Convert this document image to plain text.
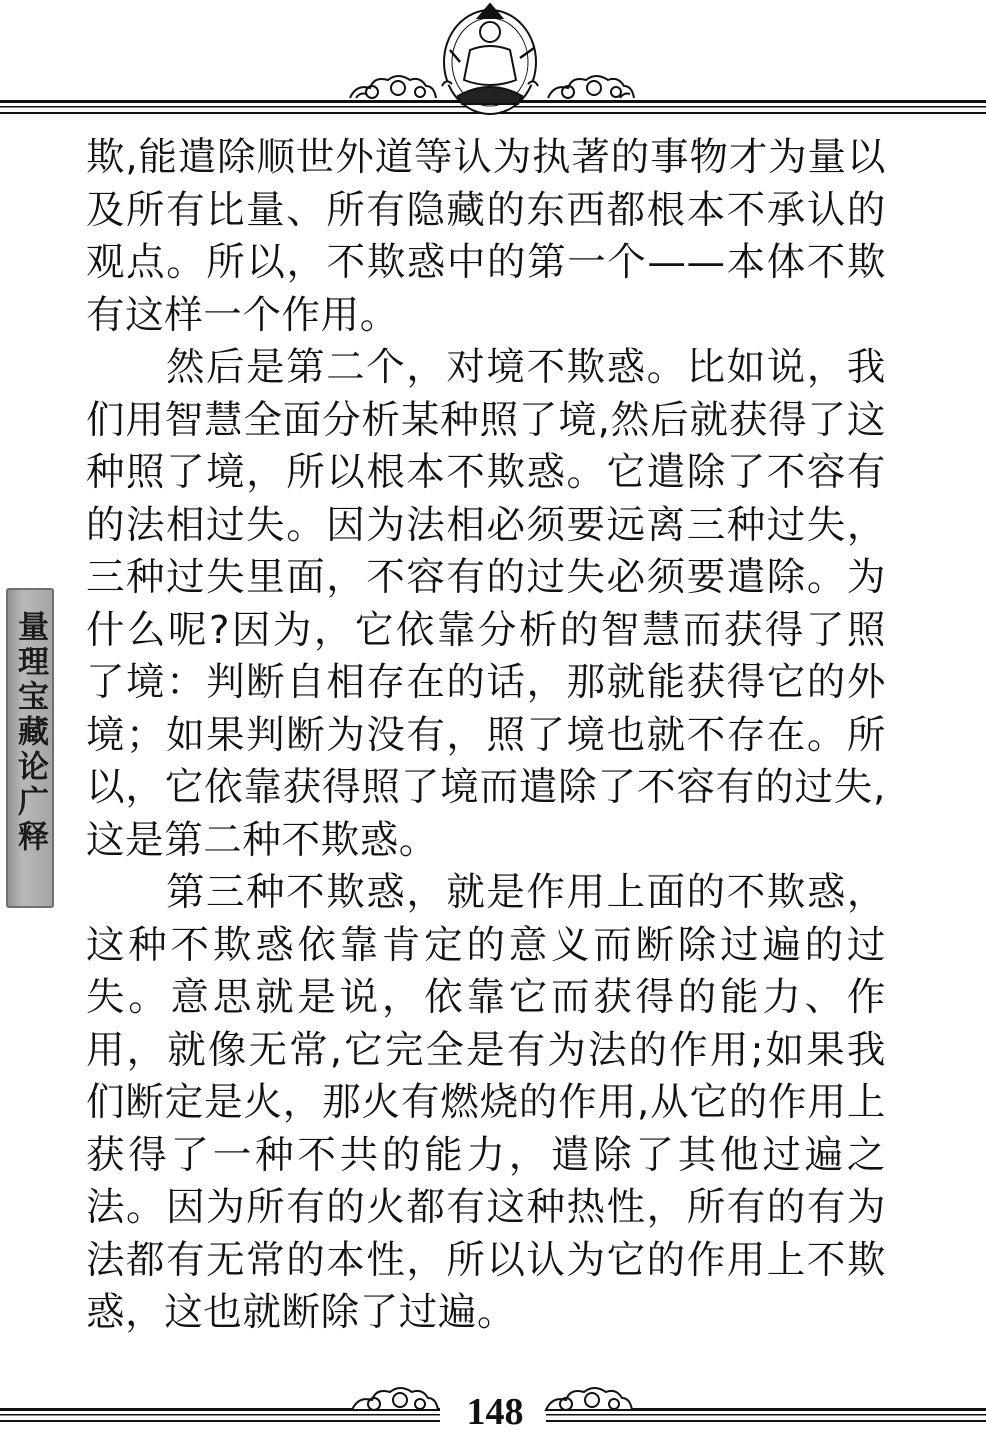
量理宝藏论广释

欺,能遣除顺世外道等认为执著的事物才为量以及所有比量、所有隐藏的东西都根本不承认的观点。所以，不欺惑中的第一个——本体不欺有这样一个作用。

然后是第二个，对境不欺惑。比如说，我们用智慧全面分析某种照了境,然后就获得了这种照了境，所以根本不欺惑。它遣除了不容有的法相过失。因为法相必须要远离三种过失，三种过失里面，不容有的过失必须要遣除。为什么呢?因为，它依靠分析的智慧而获得了照了境：判断自相存在的话，那就能获得它的外境；如果判断为没有，照了境也就不存在。所以，它依靠获得照了境而遣除了不容有的过失,这是第二种不欺惑。

第三种不欺惑，就是作用上面的不欺惑，这种不欺惑依靠肯定的意义而断除过遍的过失。意思就是说，依靠它而获得的能力、作用，就像无常,它完全是有为法的作用;如果我们断定是火，那火有燃烧的作用,从它的作用上获得了一种不共的能力，遣除了其他过遍之法。因为所有的火都有这种热性，所有的有为法都有无常的本性，所以认为它的作用上不欺惑，这也就断除了过遍。

148
